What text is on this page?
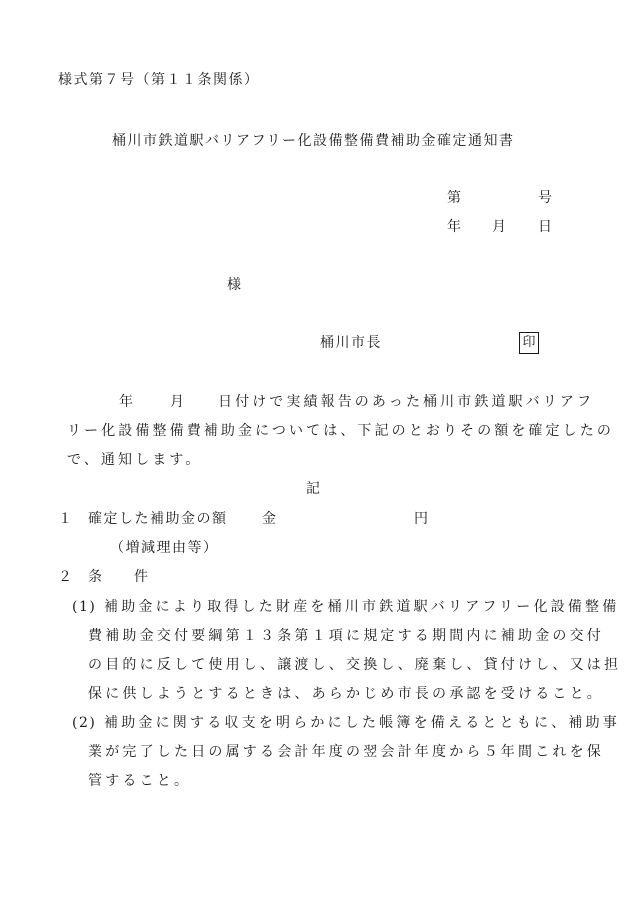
様式第７号（第１１条関係）
桶川市鉄道駅バリアフリー化設備整備費補助金確定通知書
第	号
年 月 日
様
桶川市長	印
年	月 日付けで実績報告のあった桶川市鉄道駅バリアフ
リー化設備整備費補助金については、下記のとおりその額を確定したの
で、通知します。
記
１ 確定した補助金の額 金	円
（増減理由等）
２ 条 件
(1) 補助金により取得した財産を桶川市鉄道駅バリアフリー化設備整備
費補助金交付要綱第１３条第１項に規定する期間内に補助金の交付
の目的に反して使用し、譲渡し、交換し、廃棄し、貸付けし、又は担
保に供しようとするときは、あらかじめ市長の承認を受けること。
(2) 補助金に関する収支を明らかにした帳簿を備えるとともに、補助事
業が完了した日の属する会計年度の翌会計年度から５年間これを保
管すること。
